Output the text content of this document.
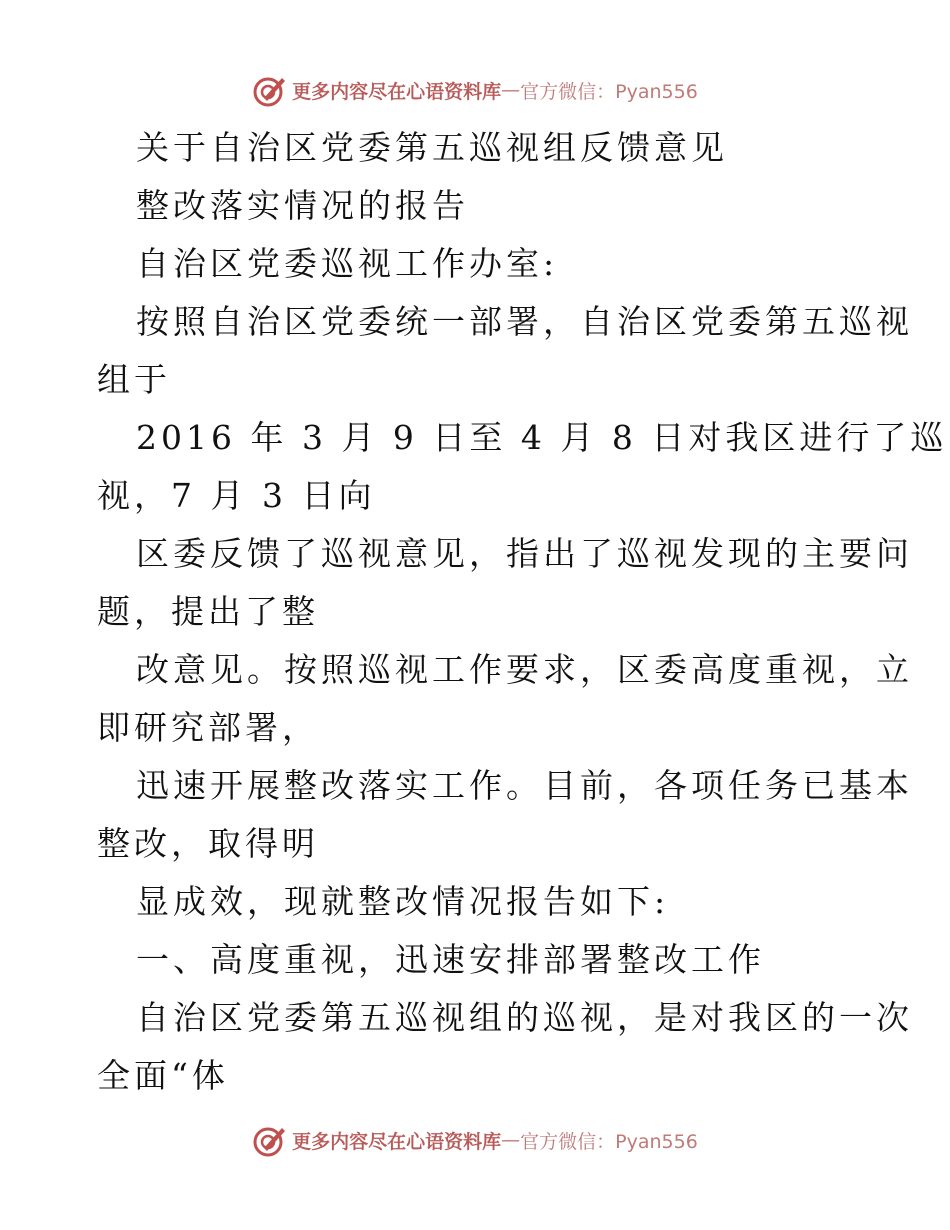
更多内容尽在心语资料库 — 官方微信：Pyan556
关于自治区党委第五巡视组反馈意见
整改落实情况的报告
自治区党委巡视工作办室:
按照自治区党委统一部署，自治区党委第五巡视
组于
2016 年 3 月 9 日至 4 月 8 日对我区进行了巡
视，7 月 3 日向
区委反馈了巡视意见，指出了巡视发现的主要问
题，提出了整
改意见。按照巡视工作要求，区委高度重视，立
即研究部署，
迅速开展整改落实工作。目前，各项任务已基本
整改，取得明
显成效，现就整改情况报告如下:
一、高度重视，迅速安排部署整改工作
自治区党委第五巡视组的巡视，是对我区的一次
全面“体
更多内容尽在心语资料库 — 官方微信：Pyan556
